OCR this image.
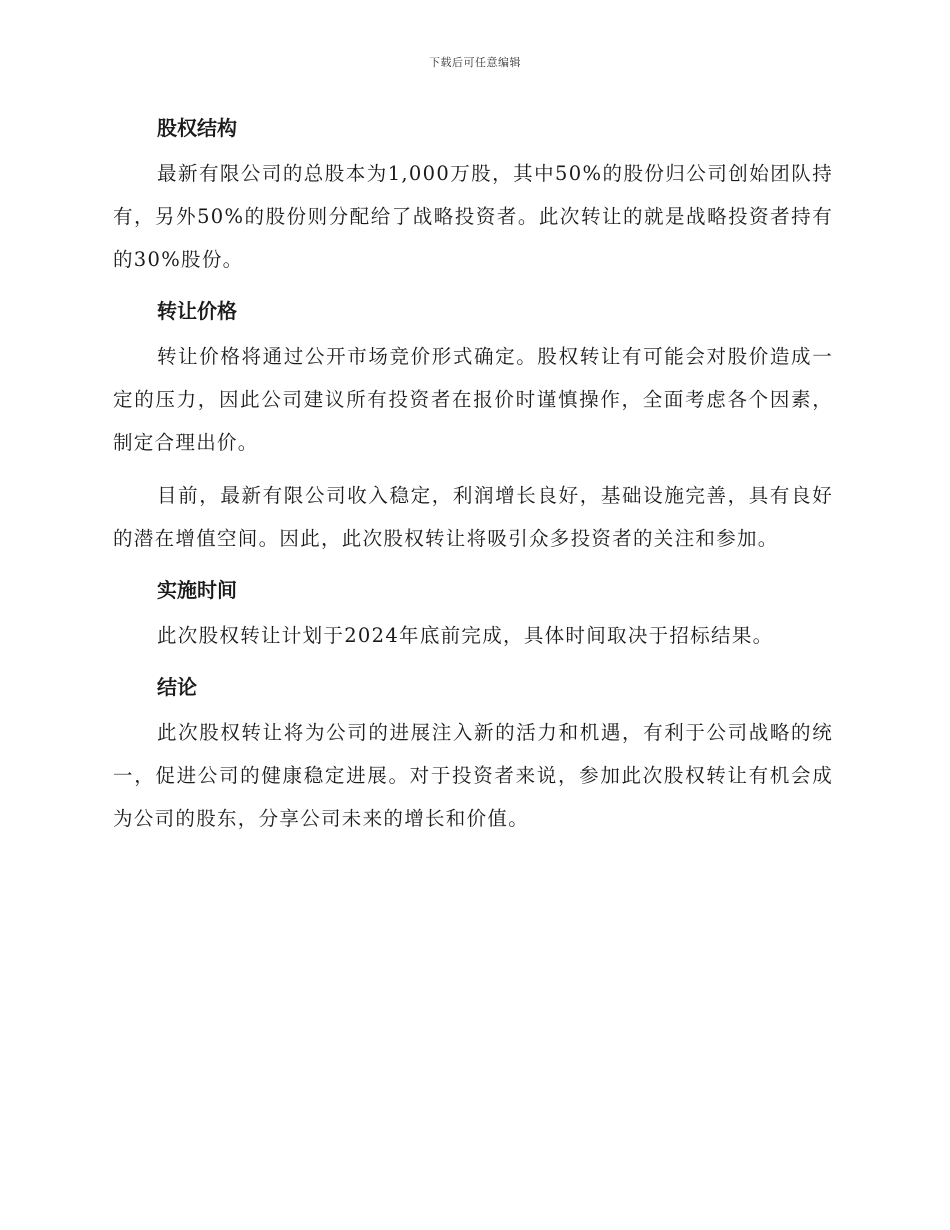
下载后可任意编辑
股权结构

最新有限公司的总股本为1,000万股，其中50%的股份归公司创始团队持有，另外50%的股份则分配给了战略投资者。此次转让的就是战略投资者持有的30%股份。

转让价格

转让价格将通过公开市场竞价形式确定。股权转让有可能会对股价造成一定的压力，因此公司建议所有投资者在报价时谨慎操作，全面考虑各个因素，制定合理出价。

目前，最新有限公司收入稳定，利润增长良好，基础设施完善，具有良好的潜在增值空间。因此，此次股权转让将吸引众多投资者的关注和参加。

实施时间

此次股权转让计划于2024年底前完成，具体时间取决于招标结果。

结论

此次股权转让将为公司的进展注入新的活力和机遇，有利于公司战略的统一，促进公司的健康稳定进展。对于投资者来说，参加此次股权转让有机会成为公司的股东，分享公司未来的增长和价值。
